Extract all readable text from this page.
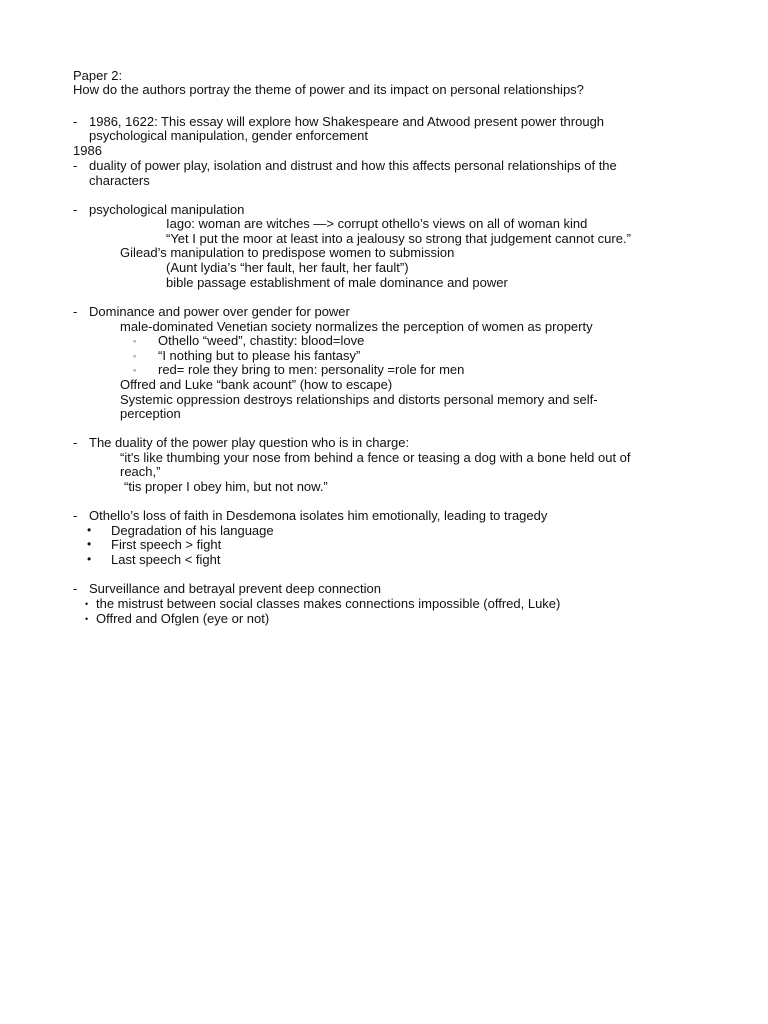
Paper 2:
How do the authors portray the theme of power and its impact on personal relationships?
- 1986, 1622: This essay will explore how Shakespeare and Atwood present power through
psychological manipulation, gender enforcement
1986
- duality of power play, isolation and distrust and how this affects personal relationships of the
characters
- psychological manipulation
Iago: woman are witches —> corrupt othello’s views on all of woman kind
“Yet I put the moor at least into a jealousy so strong that judgement cannot cure.”
Gilead’s manipulation to predispose women to submission
(Aunt lydia’s “her fault, her fault, her fault”)
bible passage establishment of male dominance and power
- Dominance and power over gender for power
male-dominated Venetian society normalizes the perception of women as property
◦ Othello “weed”, chastity: blood=love
◦ “I nothing but to please his fantasy”
◦ red= role they bring to men: personality =role for men
Offred and Luke “bank acount” (how to escape)
Systemic oppression destroys relationships and distorts personal memory and self-
perception
- The duality of the power play question who is in charge:
“it's like thumbing your nose from behind a fence or teasing a dog with a bone held out of
reach,”
“tis proper I obey him, but not now.”
- Othello’s loss of faith in Desdemona isolates him emotionally, leading to tragedy
• Degradation of his language
• First speech > fight
• Last speech < fight
- Surveillance and betrayal prevent deep connection
• the mistrust between social classes makes connections impossible (offred, Luke)
• Offred and Ofglen (eye or not)
